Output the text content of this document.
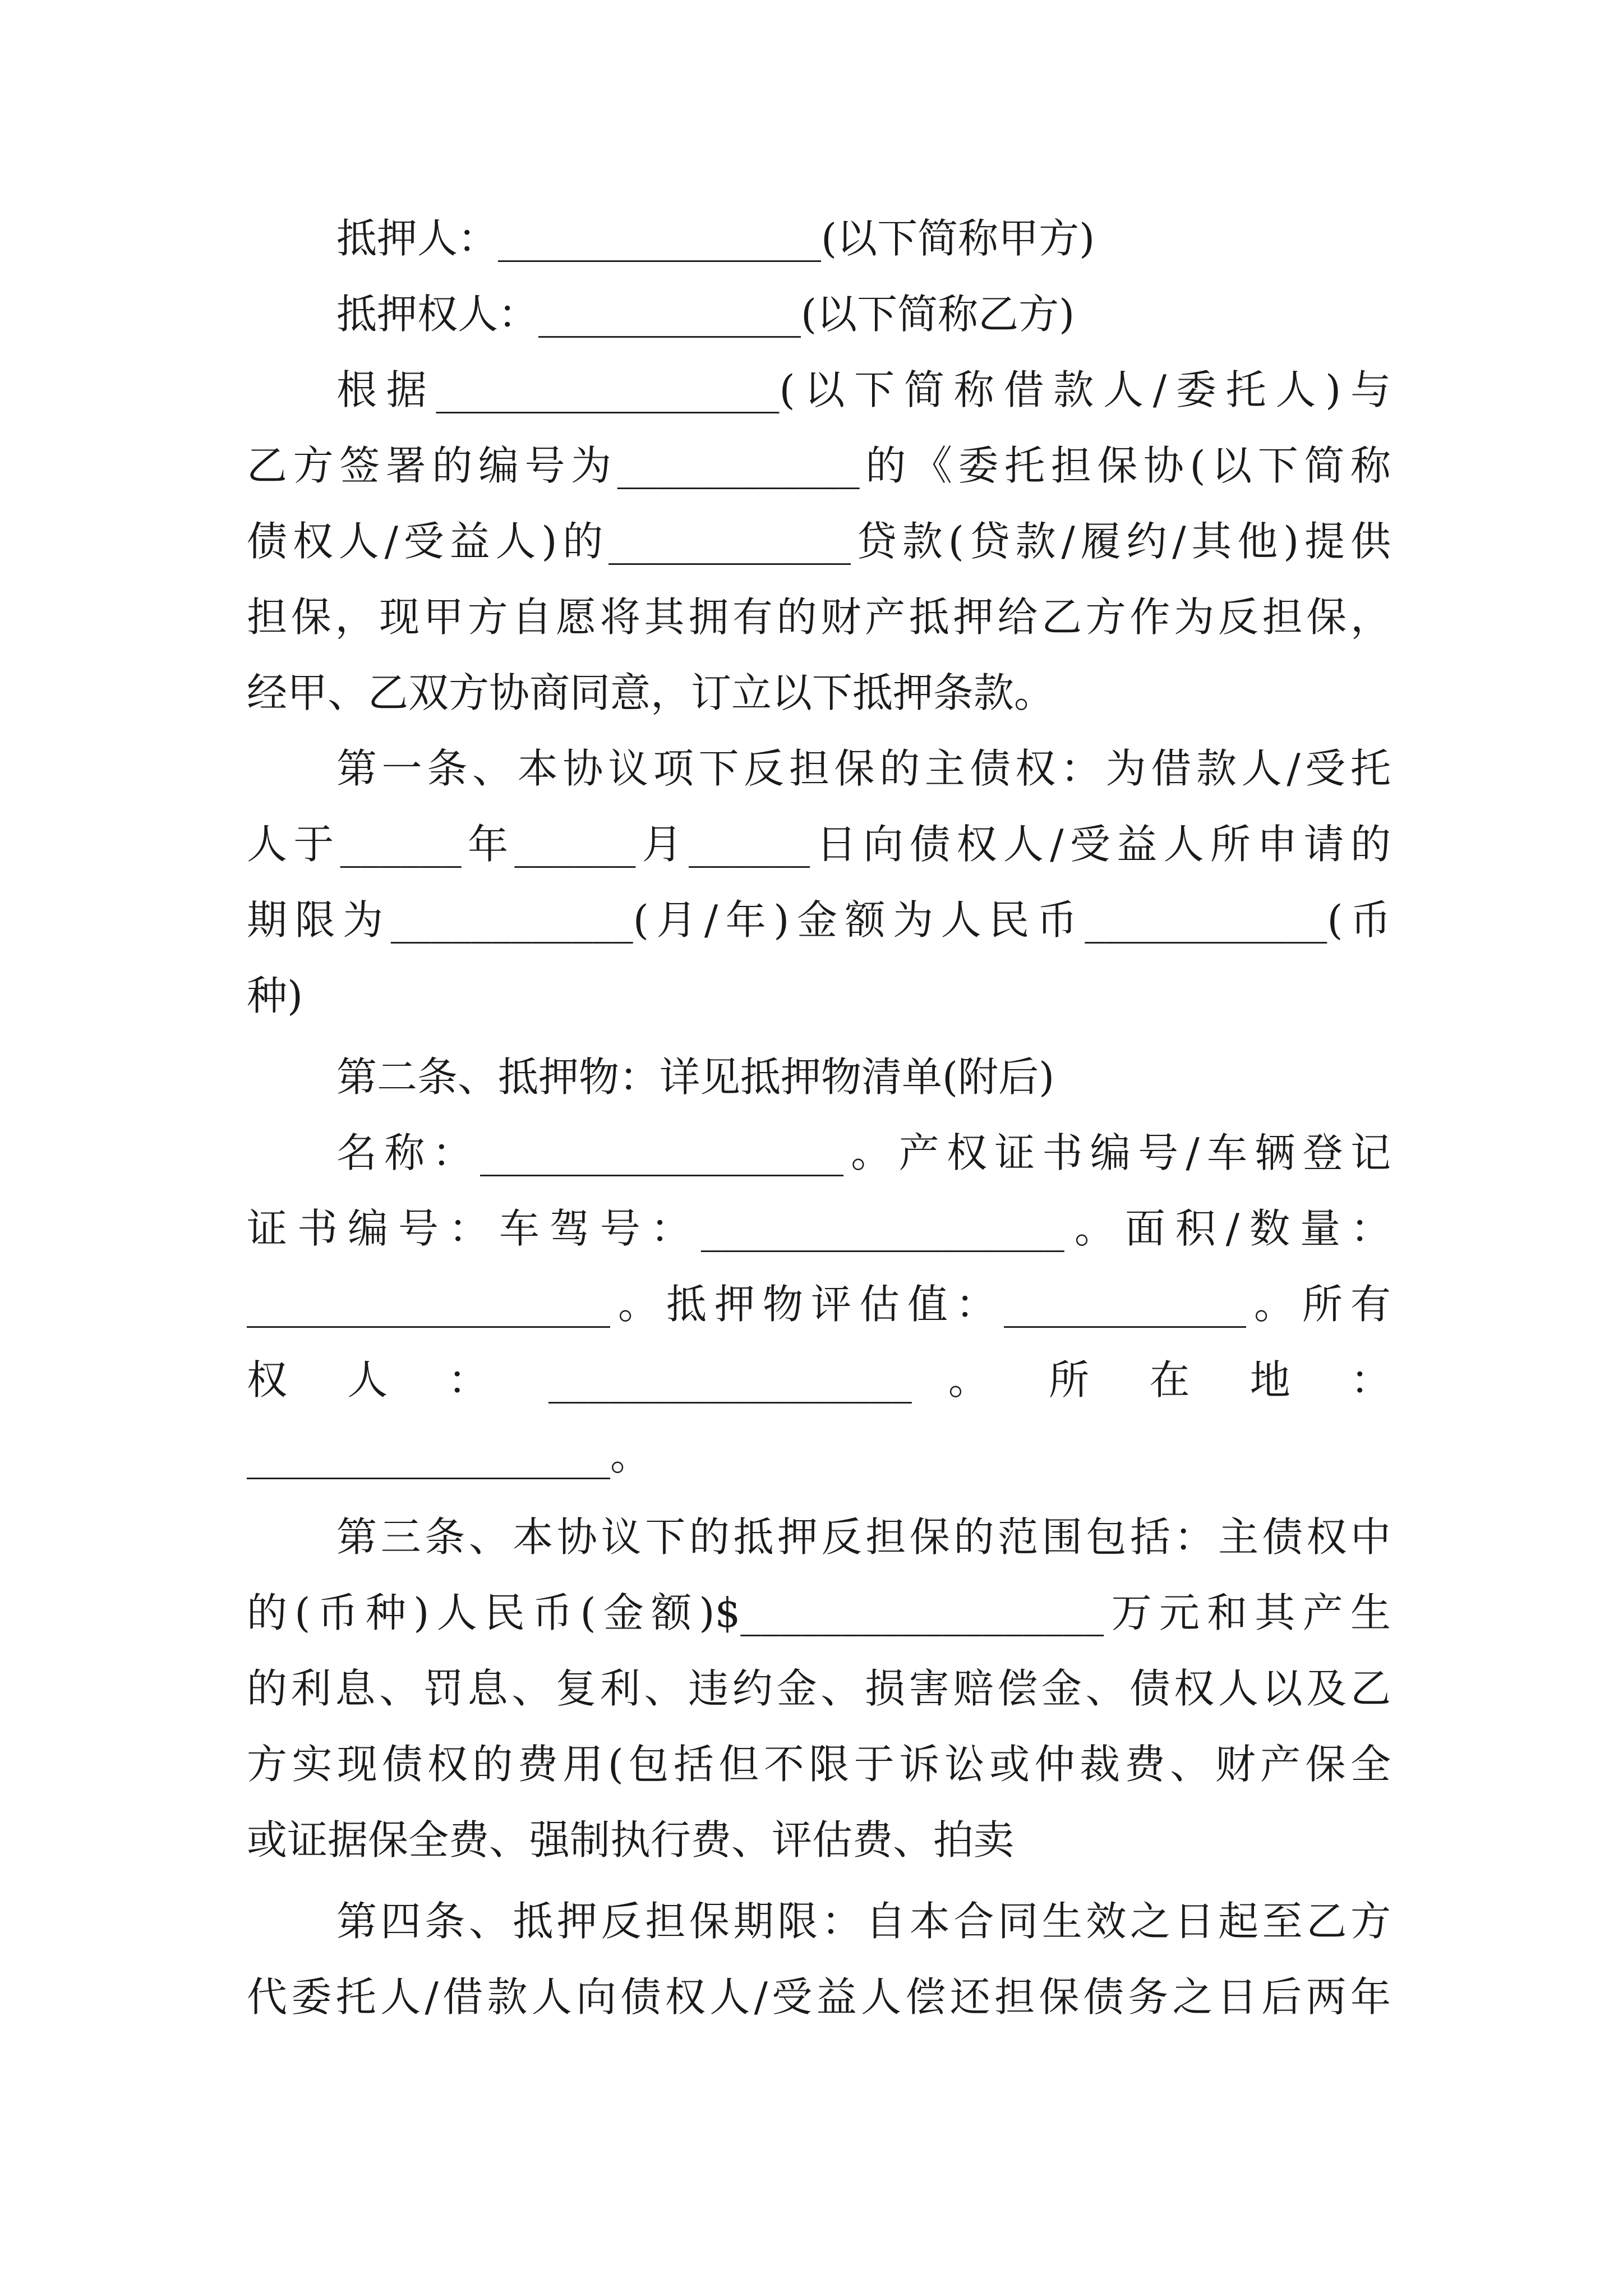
抵押人：________________(以下简称甲方)
抵押权人：_____________(以下简称乙方)
根据_________________(以下简称借款人/委托人)与
乙方签署的编号为____________的《委托担保协(以下简称
债权人/受益人)的____________贷款(贷款/履约/其他)提供
担保，现甲方自愿将其拥有的财产抵押给乙方作为反担保，
经甲、乙双方协商同意，订立以下抵押条款。
第一条、本协议项下反担保的主债权：为借款人/受托
人于______年______月______日向债权人/受益人所申请的
期限为____________(月/年)金额为人民币____________(币
种)
第二条、抵押物：详见抵押物清单(附后)
名称：__________________。产权证书编号/车辆登记
证书编号：车驾号：__________________。面积/数量：
__________________。抵押物评估值：____________。所有
权 人 ： __________________ 。 所 在 地 ：
__________________。
第三条、本协议下的抵押反担保的范围包括：主债权中
的(币种)人民币(金额)$__________________万元和其产生
的利息、罚息、复利、违约金、损害赔偿金、债权人以及乙
方实现债权的费用(包括但不限于诉讼或仲裁费、财产保全
或证据保全费、强制执行费、评估费、拍卖
第四条、抵押反担保期限：自本合同生效之日起至乙方
代委托人/借款人向债权人/受益人偿还担保债务之日后两年
